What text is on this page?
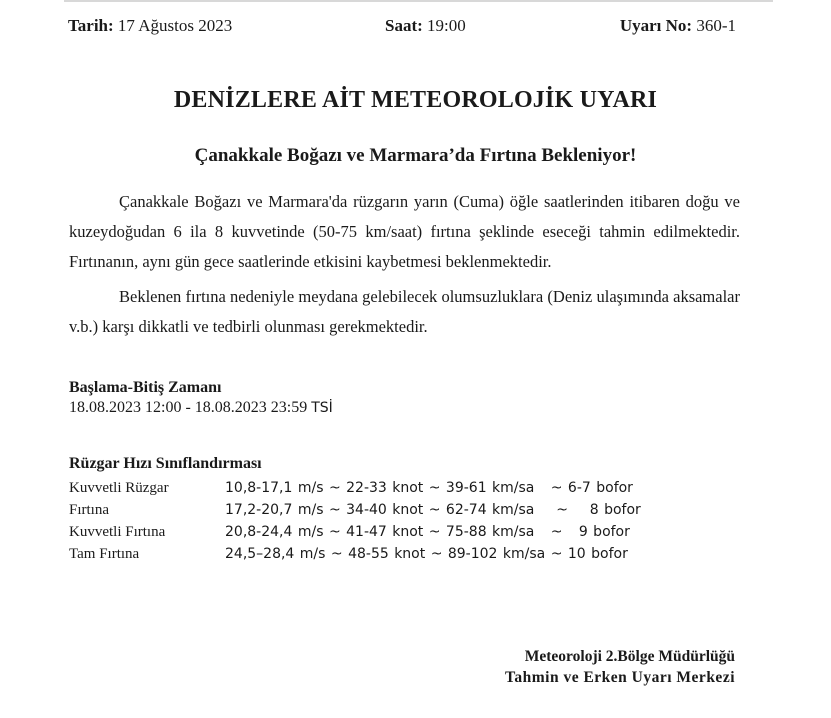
Tarih: 17 Ağustos 2023	Saat: 19:00	Uyarı No: 360-1
DENİZLERE AİT METEOROLOJİK UYARI
Çanakkale Boğazı ve Marmara’da Fırtına Bekleniyor!
Çanakkale Boğazı ve Marmara'da rüzgarın yarın (Cuma) öğle saatlerinden itibaren doğu ve kuzeydoğudan 6 ila 8 kuvvetinde (50-75 km/saat) fırtına şeklinde eseceği tahmin edilmektedir. Fırtınanın, aynı gün gece saatlerinde etkisini kaybetmesi beklenmektedir.
Beklenen fırtına nedeniyle meydana gelebilecek olumsuzluklara (Deniz ulaşımında aksamalar v.b.) karşı dikkatli ve tedbirli olunması gerekmektedir.
Başlama-Bitiş Zamanı
18.08.2023 12:00 - 18.08.2023 23:59 TSİ
Rüzgar Hızı Sınıflandırması
Kuvvetli Rüzgar	10,8-17,1 m/s ~ 22-33 knot ~ 39-61 km/sa   ~ 6-7 bofor
Fırtına	17,2-20,7 m/s ~ 34-40 knot ~ 62-74 km/sa    ~    8 bofor
Kuvvetli Fırtına	20,8-24,4 m/s ~ 41-47 knot ~ 75-88 km/sa   ~   9 bofor
Tam Fırtına	24,5–28,4 m/s ~ 48-55 knot ~ 89-102 km/sa ~ 10 bofor
Meteoroloji 2.Bölge Müdürlüğü
Tahmin ve Erken Uyarı Merkezi
